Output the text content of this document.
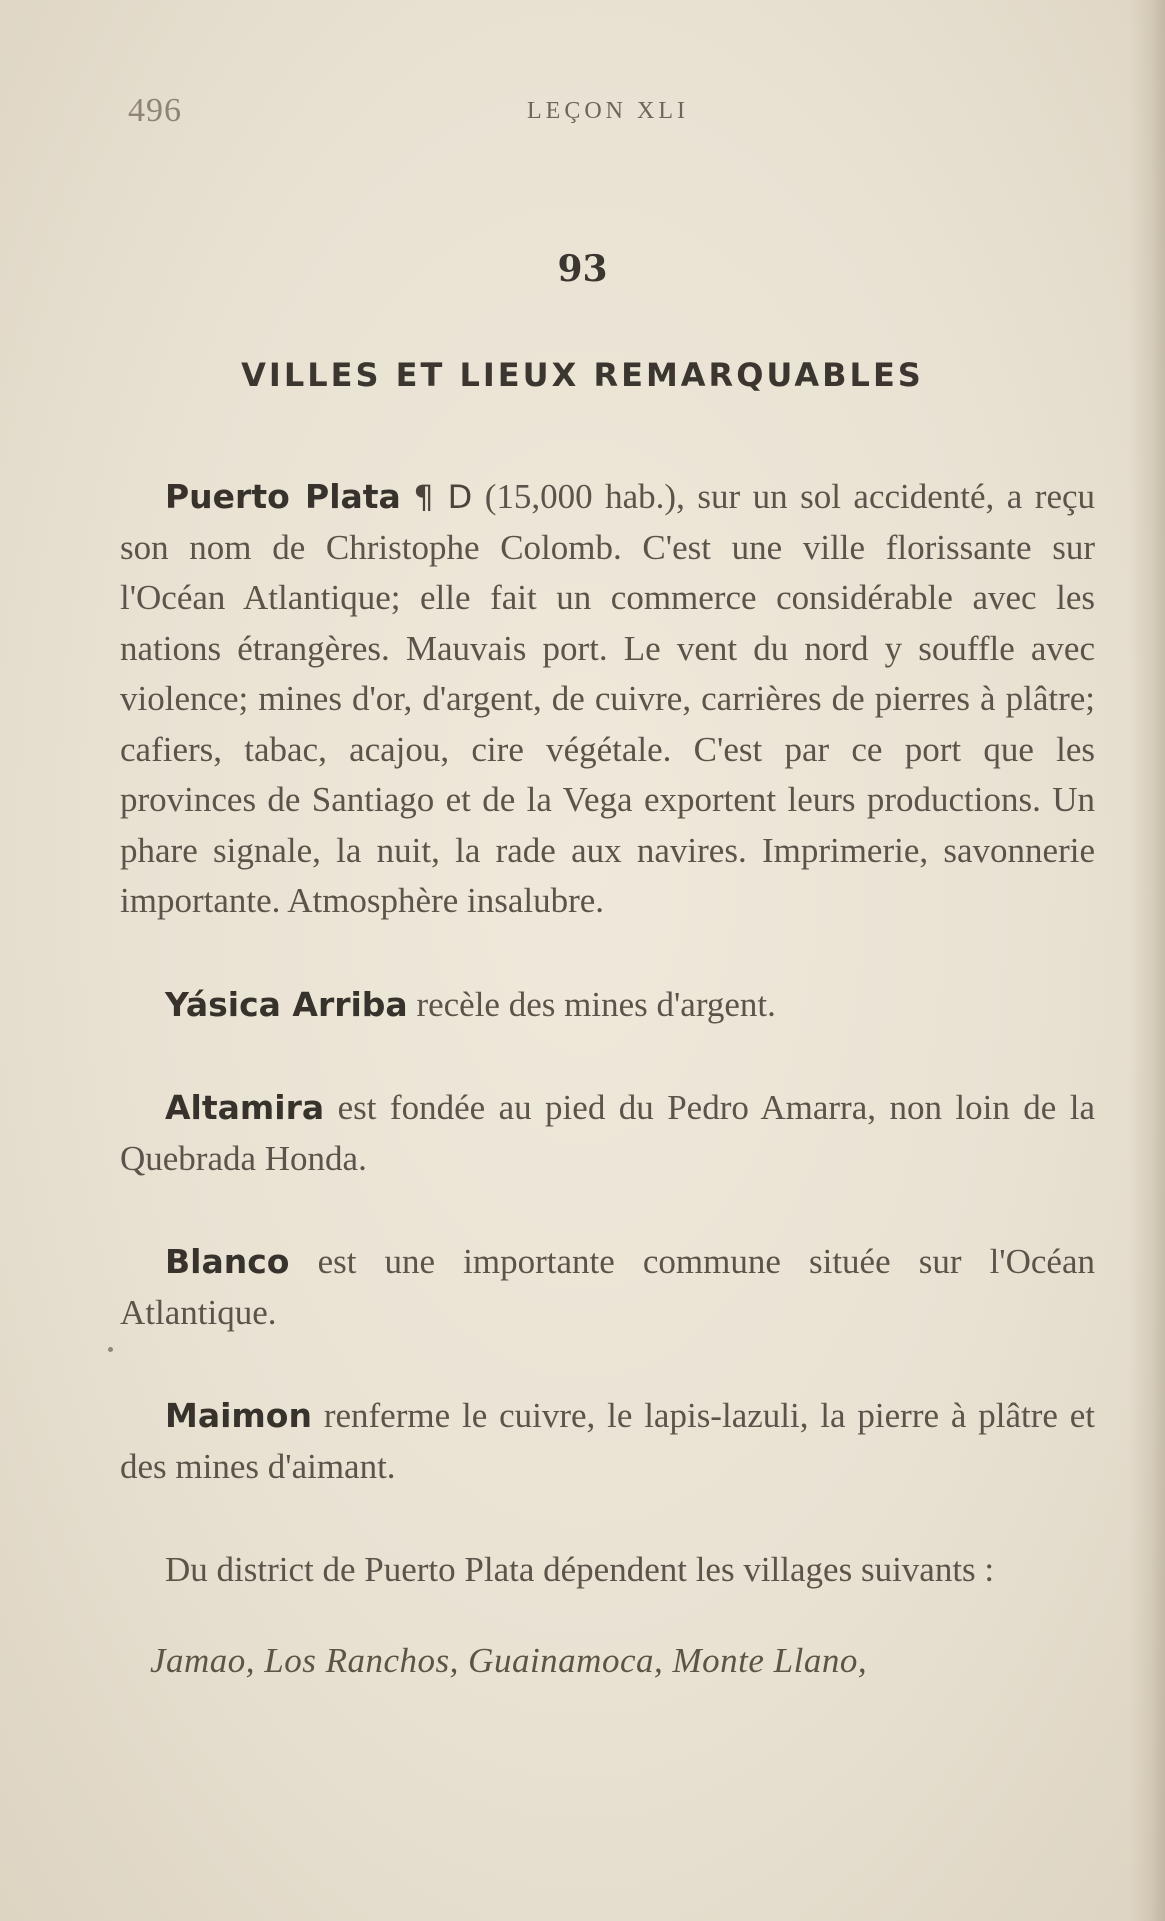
496	LEÇON XLI
93
VILLES ET LIEUX REMARQUABLES

Puerto Plata ¶ D (15,000 hab.), sur un sol accidenté, a reçu son nom de Christophe Colomb. C'est une ville florissante sur l'Océan Atlantique; elle fait un commerce considérable avec les nations étrangères. Mauvais port. Le vent du nord y souffle avec violence; mines d'or, d'argent, de cuivre, carrières de pierres à plâtre; cafiers, tabac, acajou, cire végétale. C'est par ce port que les provinces de Santiago et de la Vega exportent leurs productions. Un phare signale, la nuit, la rade aux navires. Imprimerie, savonnerie importante. Atmosphère insalubre.

Yásica Arriba recèle des mines d'argent.

Altamira est fondée au pied du Pedro Amarra, non loin de la Quebrada Honda.

Blanco est une importante commune située sur l'Océan Atlantique.

Maimon renferme le cuivre, le lapis-lazuli, la pierre à plâtre et des mines d'aimant.

Du district de Puerto Plata dépendent les villages suivants :

Jamao, Los Ranchos, Guainamoca, Monte Llano,
